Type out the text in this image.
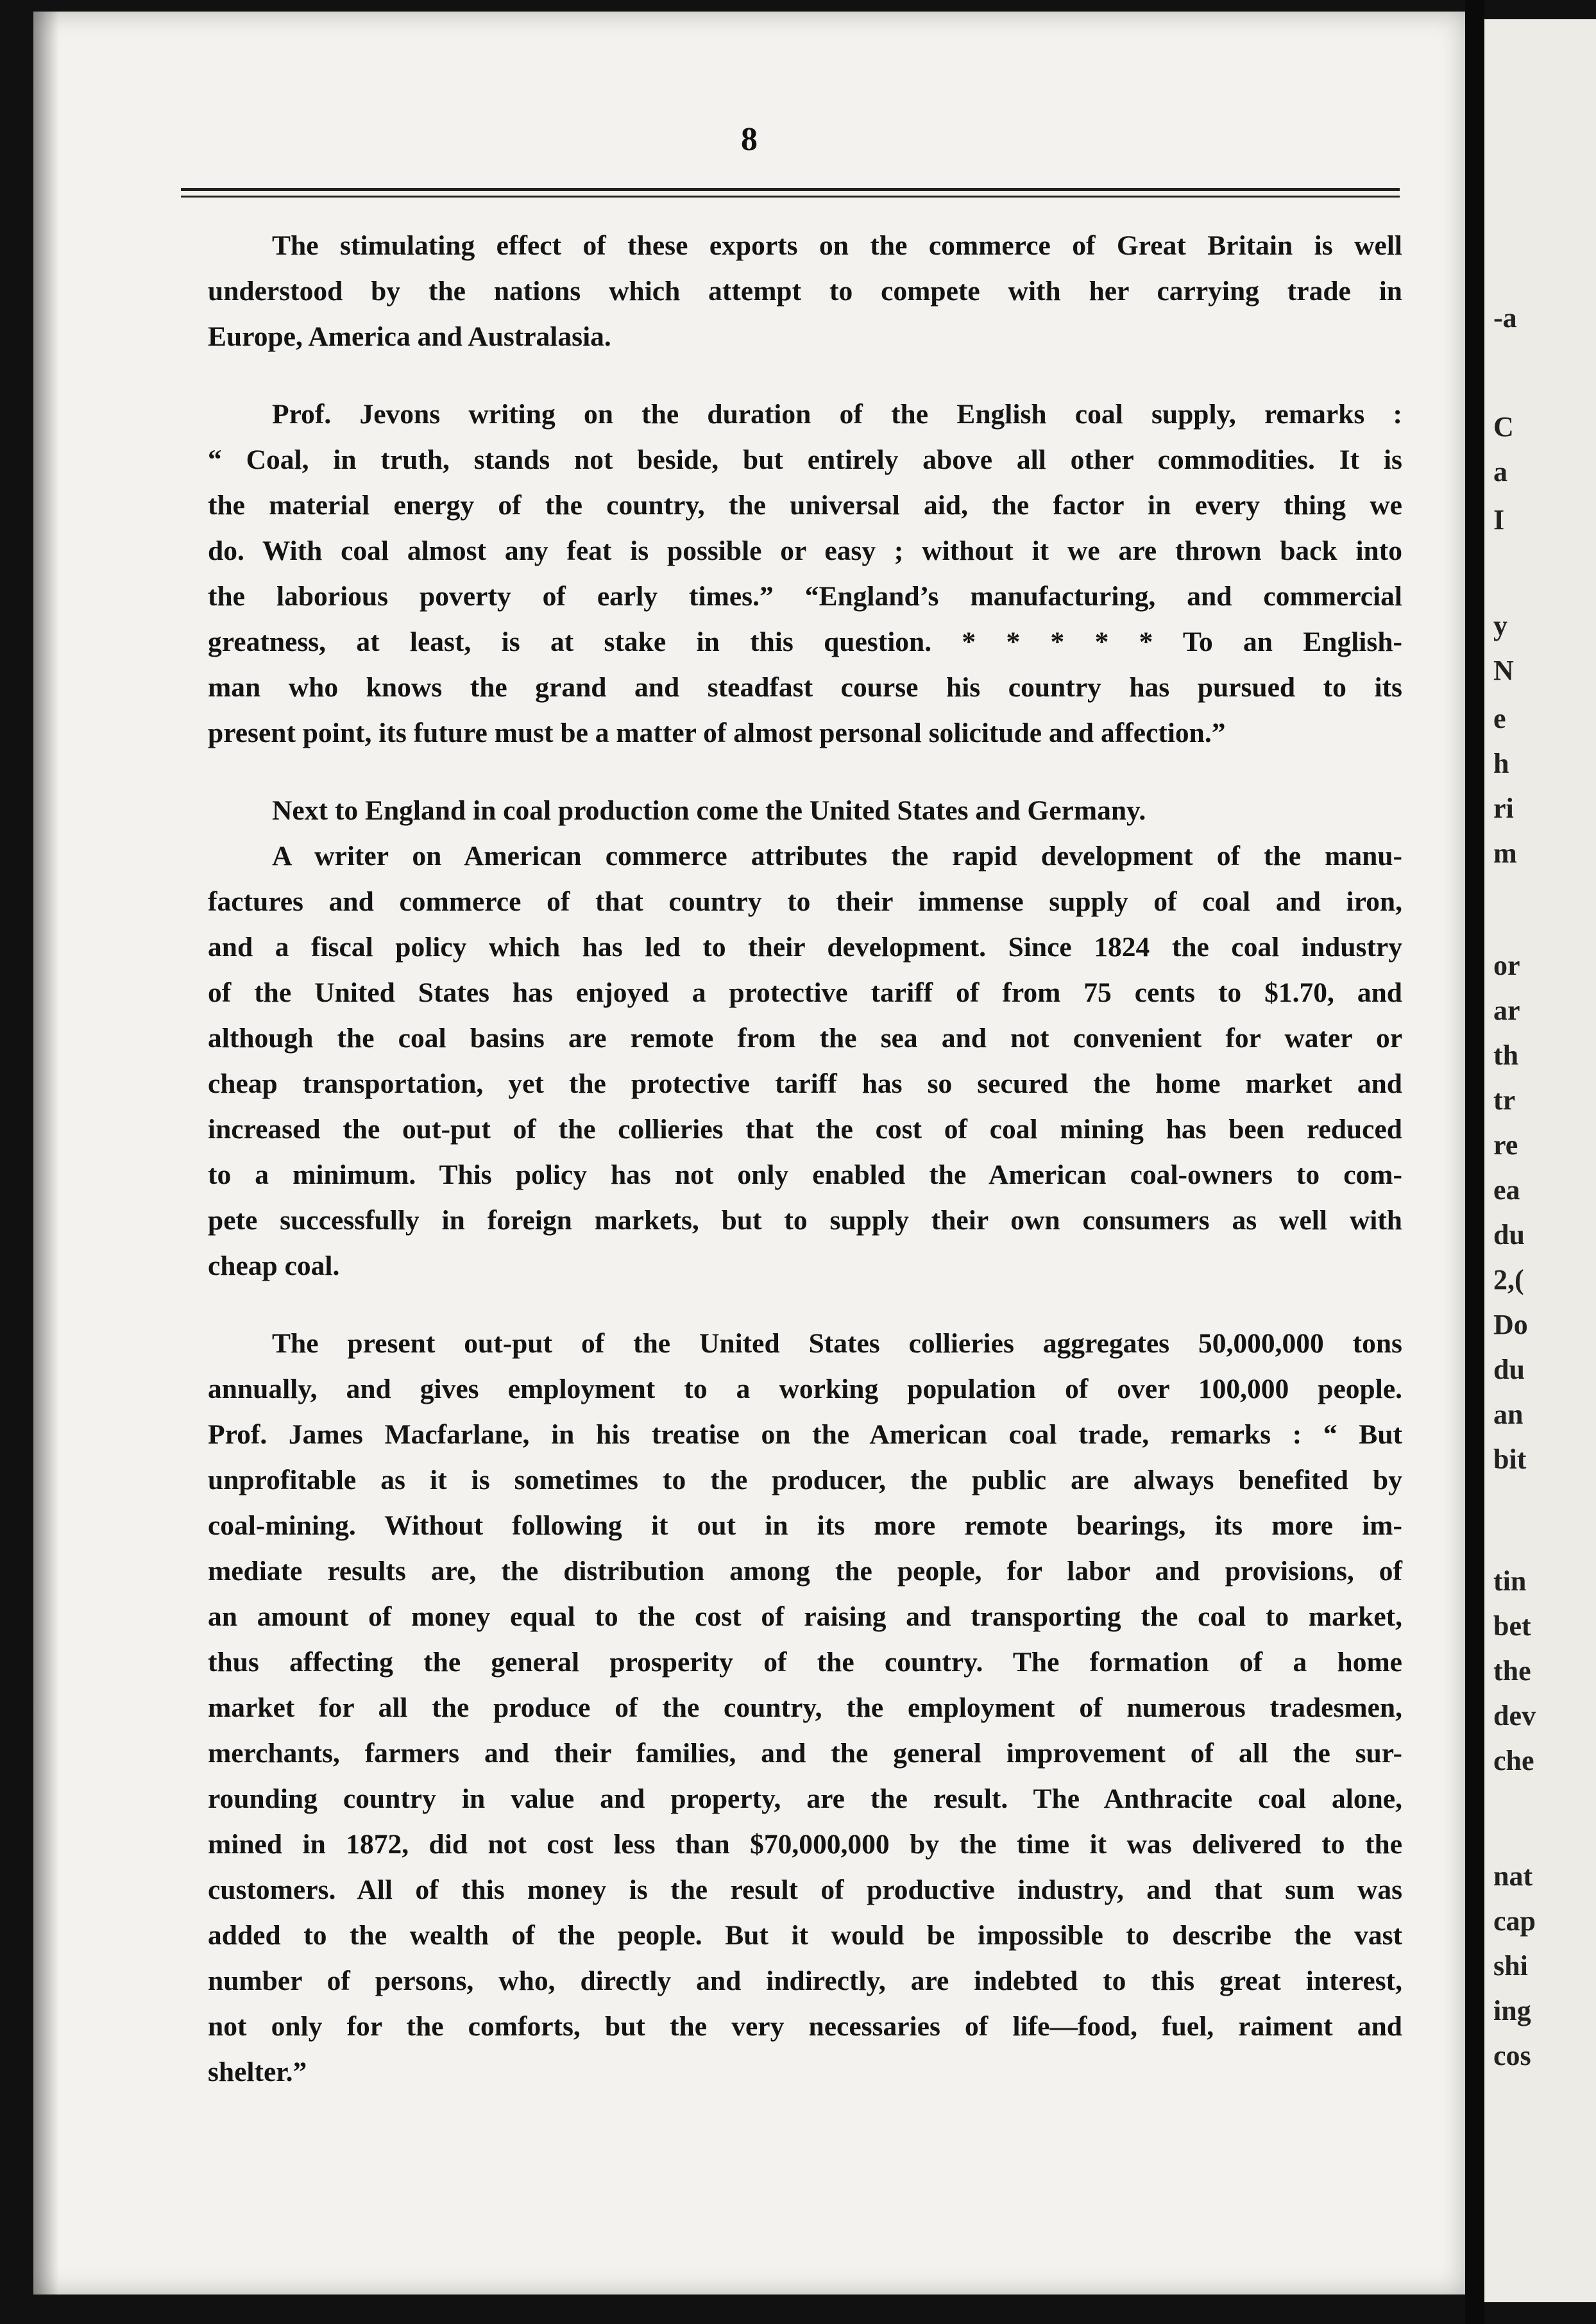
8

The stimulating effect of these exports on the commerce of Great Britain is well
understood by the nations which attempt to compete with her carrying trade in
Europe, America and Australasia.

Prof. Jevons writing on the duration of the English coal supply, remarks :
“ Coal, in truth, stands not beside, but entirely above all other commodities. It is
the material energy of the country, the universal aid, the factor in every thing we
do. With coal almost any feat is possible or easy ; without it we are thrown back into
the laborious poverty of early times.” “England’s manufacturing, and commercial
greatness, at least, is at stake in this question. * * * * * To an English-
man who knows the grand and steadfast course his country has pursued to its
present point, its future must be a matter of almost personal solicitude and affection.”

Next to England in coal production come the United States and Germany.

A writer on American commerce attributes the rapid development of the manu-
factures and commerce of that country to their immense supply of coal and iron,
and a fiscal policy which has led to their development. Since 1824 the coal industry
of the United States has enjoyed a protective tariff of from 75 cents to $1.70, and
although the coal basins are remote from the sea and not convenient for water or
cheap transportation, yet the protective tariff has so secured the home market and
increased the out-put of the collieries that the cost of coal mining has been reduced
to a minimum. This policy has not only enabled the American coal-owners to com-
pete successfully in foreign markets, but to supply their own consumers as well with
cheap coal.

The present out-put of the United States collieries aggregates 50,000,000 tons
annually, and gives employment to a working population of over 100,000 people.
Prof. James Macfarlane, in his treatise on the American coal trade, remarks : “ But
unprofitable as it is sometimes to the producer, the public are always benefited by
coal-mining. Without following it out in its more remote bearings, its more im-
mediate results are, the distribution among the people, for labor and provisions, of
an amount of money equal to the cost of raising and transporting the coal to market,
thus affecting the general prosperity of the country. The formation of a home
market for all the produce of the country, the employment of numerous tradesmen,
merchants, farmers and their families, and the general improvement of all the sur-
rounding country in value and property, are the result. The Anthracite coal alone,
mined in 1872, did not cost less than $70,000,000 by the time it was delivered to the
customers. All of this money is the result of productive industry, and that sum was
added to the wealth of the people. But it would be impossible to describe the vast
number of persons, who, directly and indirectly, are indebted to this great interest,
not only for the comforts, but the very necessaries of life—food, fuel, raiment and
shelter.”

-a
C
a
I
y
N
e
h
ri
m
or
ar
th
tr
re
ea
du
2,(
Do
du
an
bit
tin
bet
the
dev
che
nat
cap
shi
ing
cos
